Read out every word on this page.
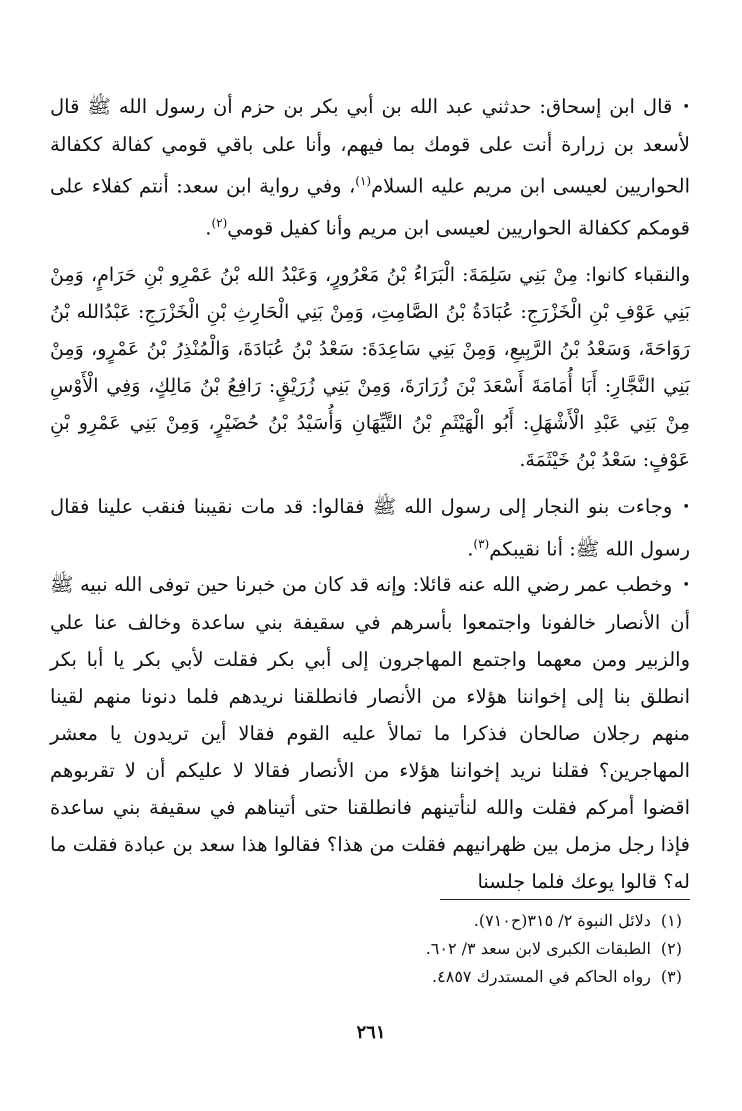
•قال ابن إسحاق: حدثني عبد الله بن أبي بكر بن حزم أن رسول الله ﷺ قال لأسعد بن زرارة أنت على قومك بما فيهم، وأنا على باقي قومي كفالة ككفالة الحواريين لعيسى ابن مريم عليه السلام$^{(١)}$، وفي رواية ابن سعد: أنتم كفلاء على قومكم ككفالة الحواريين لعيسى ابن مريم وأنا كفيل قومي$^{(٢)}$.

والنقباء كانوا: مِنْ بَنِي سَلِمَةَ: الْبَرَاءُ بْنُ مَعْرُورٍ، وَعَبْدُ الله بْنُ عَمْرِو بْنِ حَرَامٍ، وَمِنْ بَنِي عَوْفِ بْنِ الْخَزْرَجِ: عُبَادَةُ بْنُ الصَّامِتِ، وَمِنْ بَنِي الْحَارِثِ بْنِ الْخَزْرَجِ: عَبْدُالله بْنُ رَوَاحَةَ، وَسَعْدُ بْنُ الرَّبِيعِ، وَمِنْ بَنِي سَاعِدَةَ: سَعْدُ بْنُ عُبَادَةَ، وَالْمُنْذِرُ بْنُ عَمْرٍو، وَمِنْ بَنِي النَّجَّارِ: أَبَا أُمَامَةَ أَسْعَدَ بْنَ زُرَارَةَ، وَمِنْ بَنِي زُرَيْقٍ: رَافِعُ بْنُ مَالِكٍ، وَفِي الْأَوْسِ مِنْ بَنِي عَبْدِ الْأَشْهَلِ: أَبُو الْهَيْثَمِ بْنُ التَّيِّهَانِ وَأُسَيْدُ بْنُ حُضَيْرٍ، وَمِنْ بَنِي عَمْرِو بْنِ عَوْفٍ: سَعْدُ بْنُ خَيْثَمَةَ.

•وجاءت بنو النجار إلى رسول الله ﷺ فقالوا: قد مات نقيبنا فنقب علينا فقال رسول الله ﷺ: أنا نقيبكم$^{(٣)}$.

•وخطب عمر رضي الله عنه قائلا: وإنه قد كان من خبرنا حين توفى الله نبيه ﷺ أن الأنصار خالفونا واجتمعوا بأسرهم في سقيفة بني ساعدة وخالف عنا علي والزبير ومن معهما واجتمع المهاجرون إلى أبي بكر فقلت لأبي بكر يا أبا بكر انطلق بنا إلى إخواننا هؤلاء من الأنصار فانطلقنا نريدهم فلما دنونا منهم لقينا منهم رجلان صالحان فذكرا ما تمالأ عليه القوم فقالا أين تريدون يا معشر المهاجرين؟ فقلنا نريد إخواننا هؤلاء من الأنصار فقالا لا عليكم أن لا تقربوهم اقضوا أمركم فقلت والله لنأتينهم فانطلقنا حتى أتيناهم في سقيفة بني ساعدة فإذا رجل مزمل بين ظهرانيهم فقلت من هذا؟ فقالوا هذا سعد بن عبادة فقلت ما له؟ قالوا يوعك فلما جلسنا

(١)دلائل النبوة ٢/ ٣١٥(ح٧١٠).
(٢)الطبقات الكبرى لابن سعد ٣/ ٦٠٢.
(٣)رواه الحاكم في المستدرك ٤٨٥٧.
٢٦١
